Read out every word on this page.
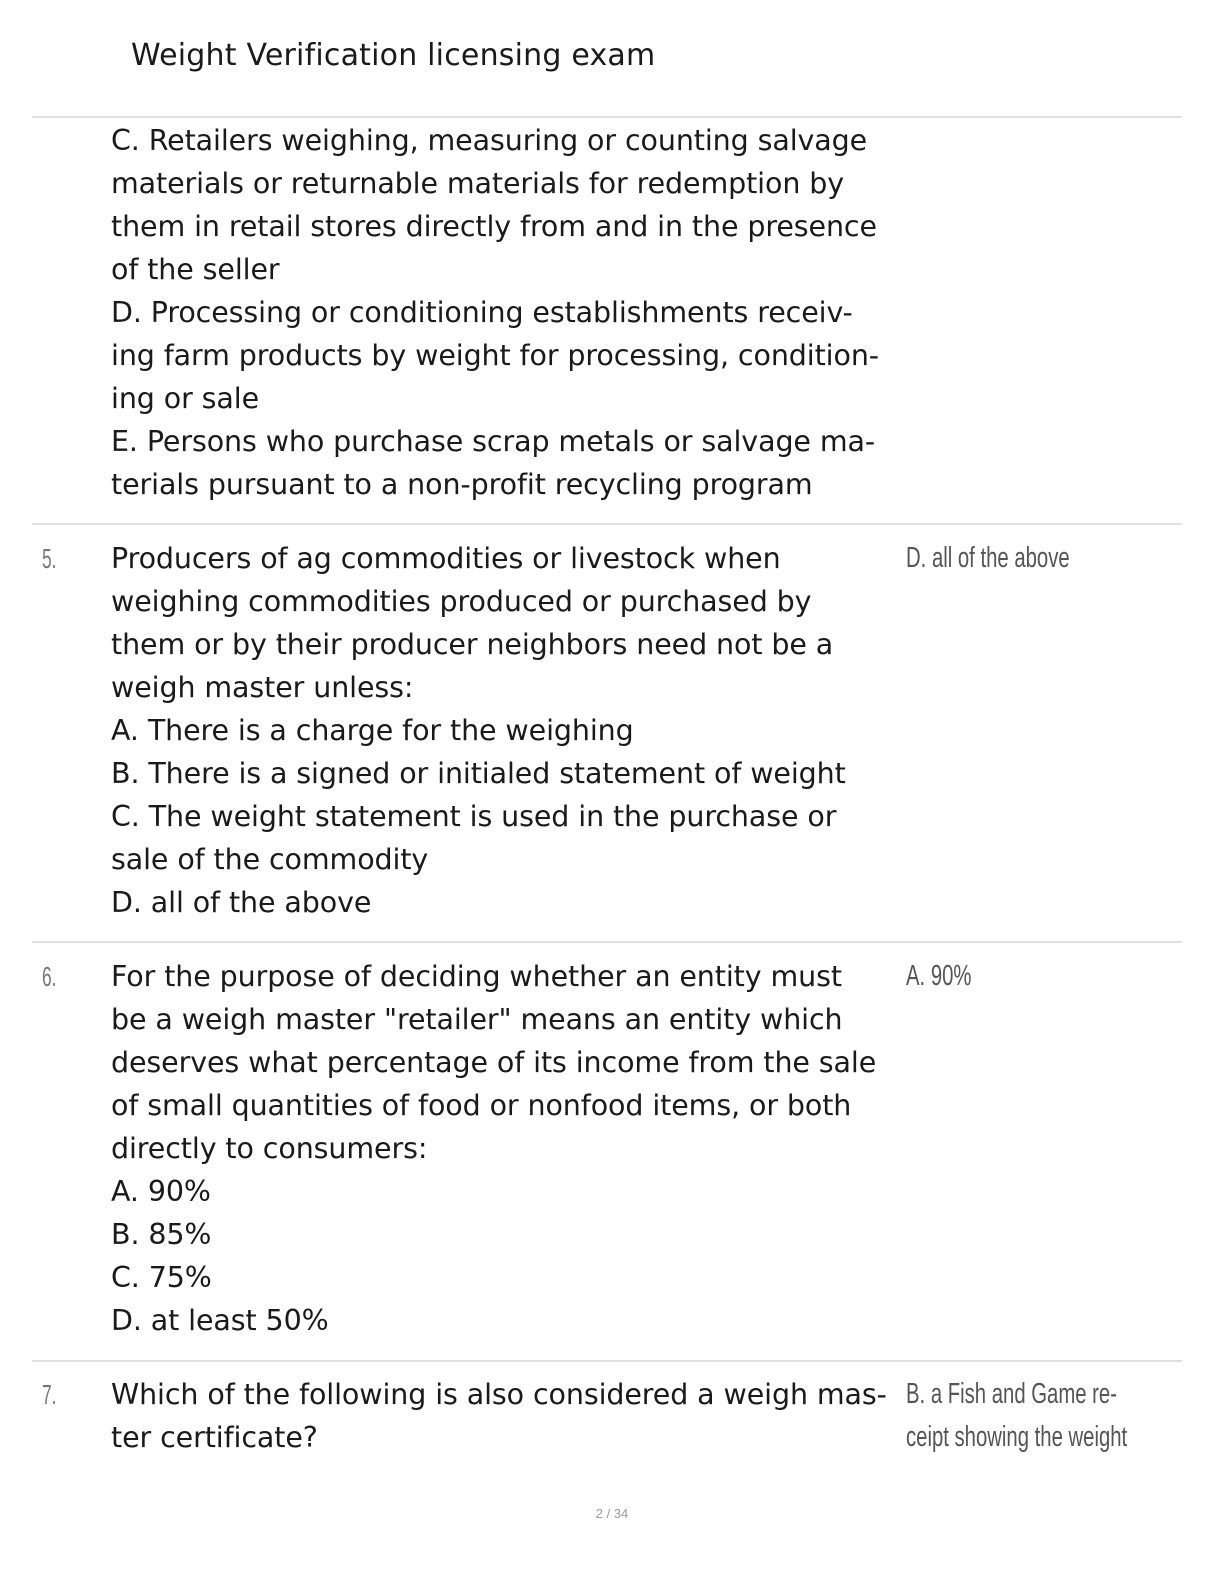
Weight Verification licensing exam
C. Retailers weighing, measuring or counting salvage
materials or returnable materials for redemption by
them in retail stores directly from and in the presence
of the seller
D. Processing or conditioning establishments receiv-
ing farm products by weight for processing, condition-
ing or sale
E. Persons who purchase scrap metals or salvage ma-
terials pursuant to a non-profit recycling program
5. Producers of ag commodities or livestock when
weighing commodities produced or purchased by
them or by their producer neighbors need not be a
weigh master unless:
A. There is a charge for the weighing
B. There is a signed or initialed statement of weight
C. The weight statement is used in the purchase or
sale of the commodity
D. all of the above
D. all of the above
6. For the purpose of deciding whether an entity must
be a weigh master "retailer" means an entity which
deserves what percentage of its income from the sale
of small quantities of food or nonfood items, or both
directly to consumers:
A. 90%
B. 85%
C. 75%
D. at least 50%
A. 90%
7. Which of the following is also considered a weigh mas-
ter certificate?
B. a Fish and Game re-
ceipt showing the weight
2 / 34
